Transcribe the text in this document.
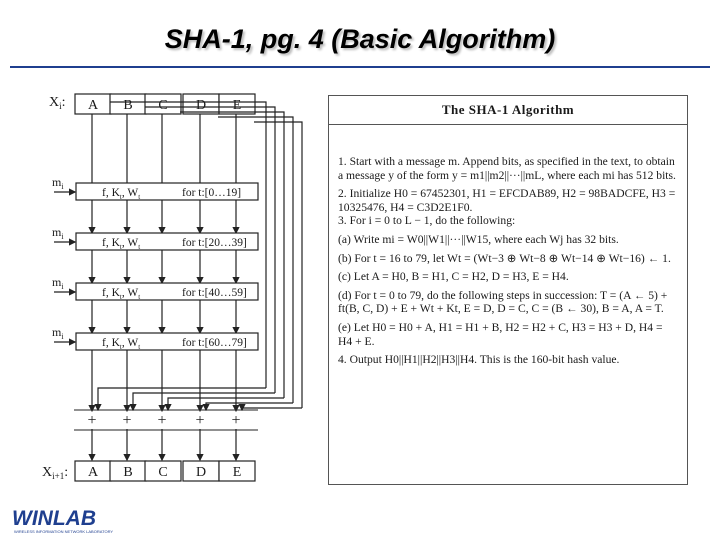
SHA-1, pg. 4 (Basic Algorithm)
$X_i$: A B C D E
$m_i$
f, $K_t$, $W_t$	for t:[0…19]
$m_i$
f, $K_t$, $W_t$	for t:[20…39]
$m_i$
f, $K_t$, $W_t$	for t:[40…59]
$m_i$
f, $K_t$, $W_t$	for t:[60…79]
+ + + + +
$X_{i+1}$: A B C D E
The SHA-1 Algorithm

1. Start with a message m. Append bits, as specified in the text, to obtain a message y of the form y = m1||m2||···||mL, where each mi has 512 bits.

2. Initialize H0 = 67452301, H1 = EFCDAB89, H2 = 98BADCFE, H3 = 10325476, H4 = C3D2E1F0.

3. For i = 0 to L − 1, do the following:

(a) Write mi = W0||W1||···||W15, where each Wj has 32 bits.

(b) For t = 16 to 79, let Wt = (Wt−3 ⊕ Wt−8 ⊕ Wt−14 ⊕ Wt−16) ← 1.

(c) Let A = H0, B = H1, C = H2, D = H3, E = H4.

(d) For t = 0 to 79, do the following steps in succession: T = (A ← 5) + ft(B, C, D) + E + Wt + Kt, E = D, D = C, C = (B ← 30), B = A, A = T.

(e) Let H0 = H0 + A, H1 = H1 + B, H2 = H2 + C, H3 = H3 + D, H4 = H4 + E.

4. Output H0||H1||H2||H3||H4. This is the 160-bit hash value.

WINLAB
WIRELESS INFORMATION NETWORK LABORATORY
